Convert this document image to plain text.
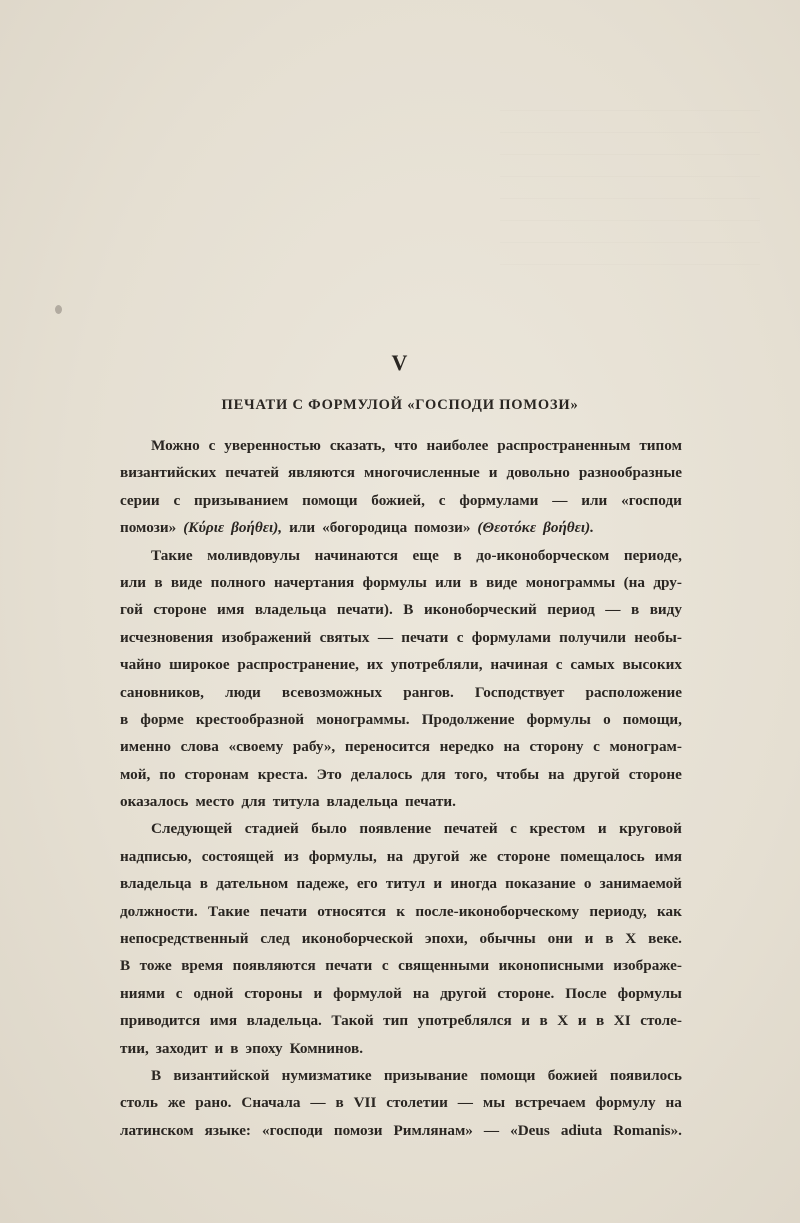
V
ПЕЧАТИ С ФОРМУЛОЙ «ГОСПОДИ ПОМОЗИ»
Можно с уверенностью сказать, что наиболее распространенным типом
византийских печатей являются многочисленные и довольно разнообразные
серии с призыванием помощи божией, с формулами — или «господи
помози» (Κύριε βοήθει), или «богородица помози» (Θεοτόκε βοήθει).
Такие моливдовулы начинаются еще в до-иконоборческом периоде,
или в виде полного начертания формулы или в виде монограммы (на дру-
гой стороне имя владельца печати). В иконоборческий период — в виду
исчезновения изображений святых — печати с формулами получили необы-
чайно широкое распространение, их употребляли, начиная с самых высоких
сановников, люди всевозможных рангов. Господствует расположение
в форме крестообразной монограммы. Продолжение формулы о помощи,
именно слова «своему рабу», переносится нередко на сторону с монограм-
мой, по сторонам креста. Это делалось для того, чтобы на другой стороне
оказалось место для титула владельца печати.
Следующей стадией было появление печатей с крестом и круговой
надписью, состоящей из формулы, на другой же стороне помещалось имя
владельца в дательном падеже, его титул и иногда показание о занимаемой
должности. Такие печати относятся к после-иконоборческому периоду, как
непосредственный след иконоборческой эпохи, обычны они и в X веке.
В тоже время появляются печати с священными иконописными изображе-
ниями с одной стороны и формулой на другой стороне. После формулы
приводится имя владельца. Такой тип употреблялся и в X и в XI столе-
тии, заходит и в эпоху Комнинов.
В византийской нумизматике призывание помощи божией появилось
столь же рано. Сначала — в VII столетии — мы встречаем формулу на
латинском языке: «господи помози Римлянам» — «Deus adiuta Romanis».
